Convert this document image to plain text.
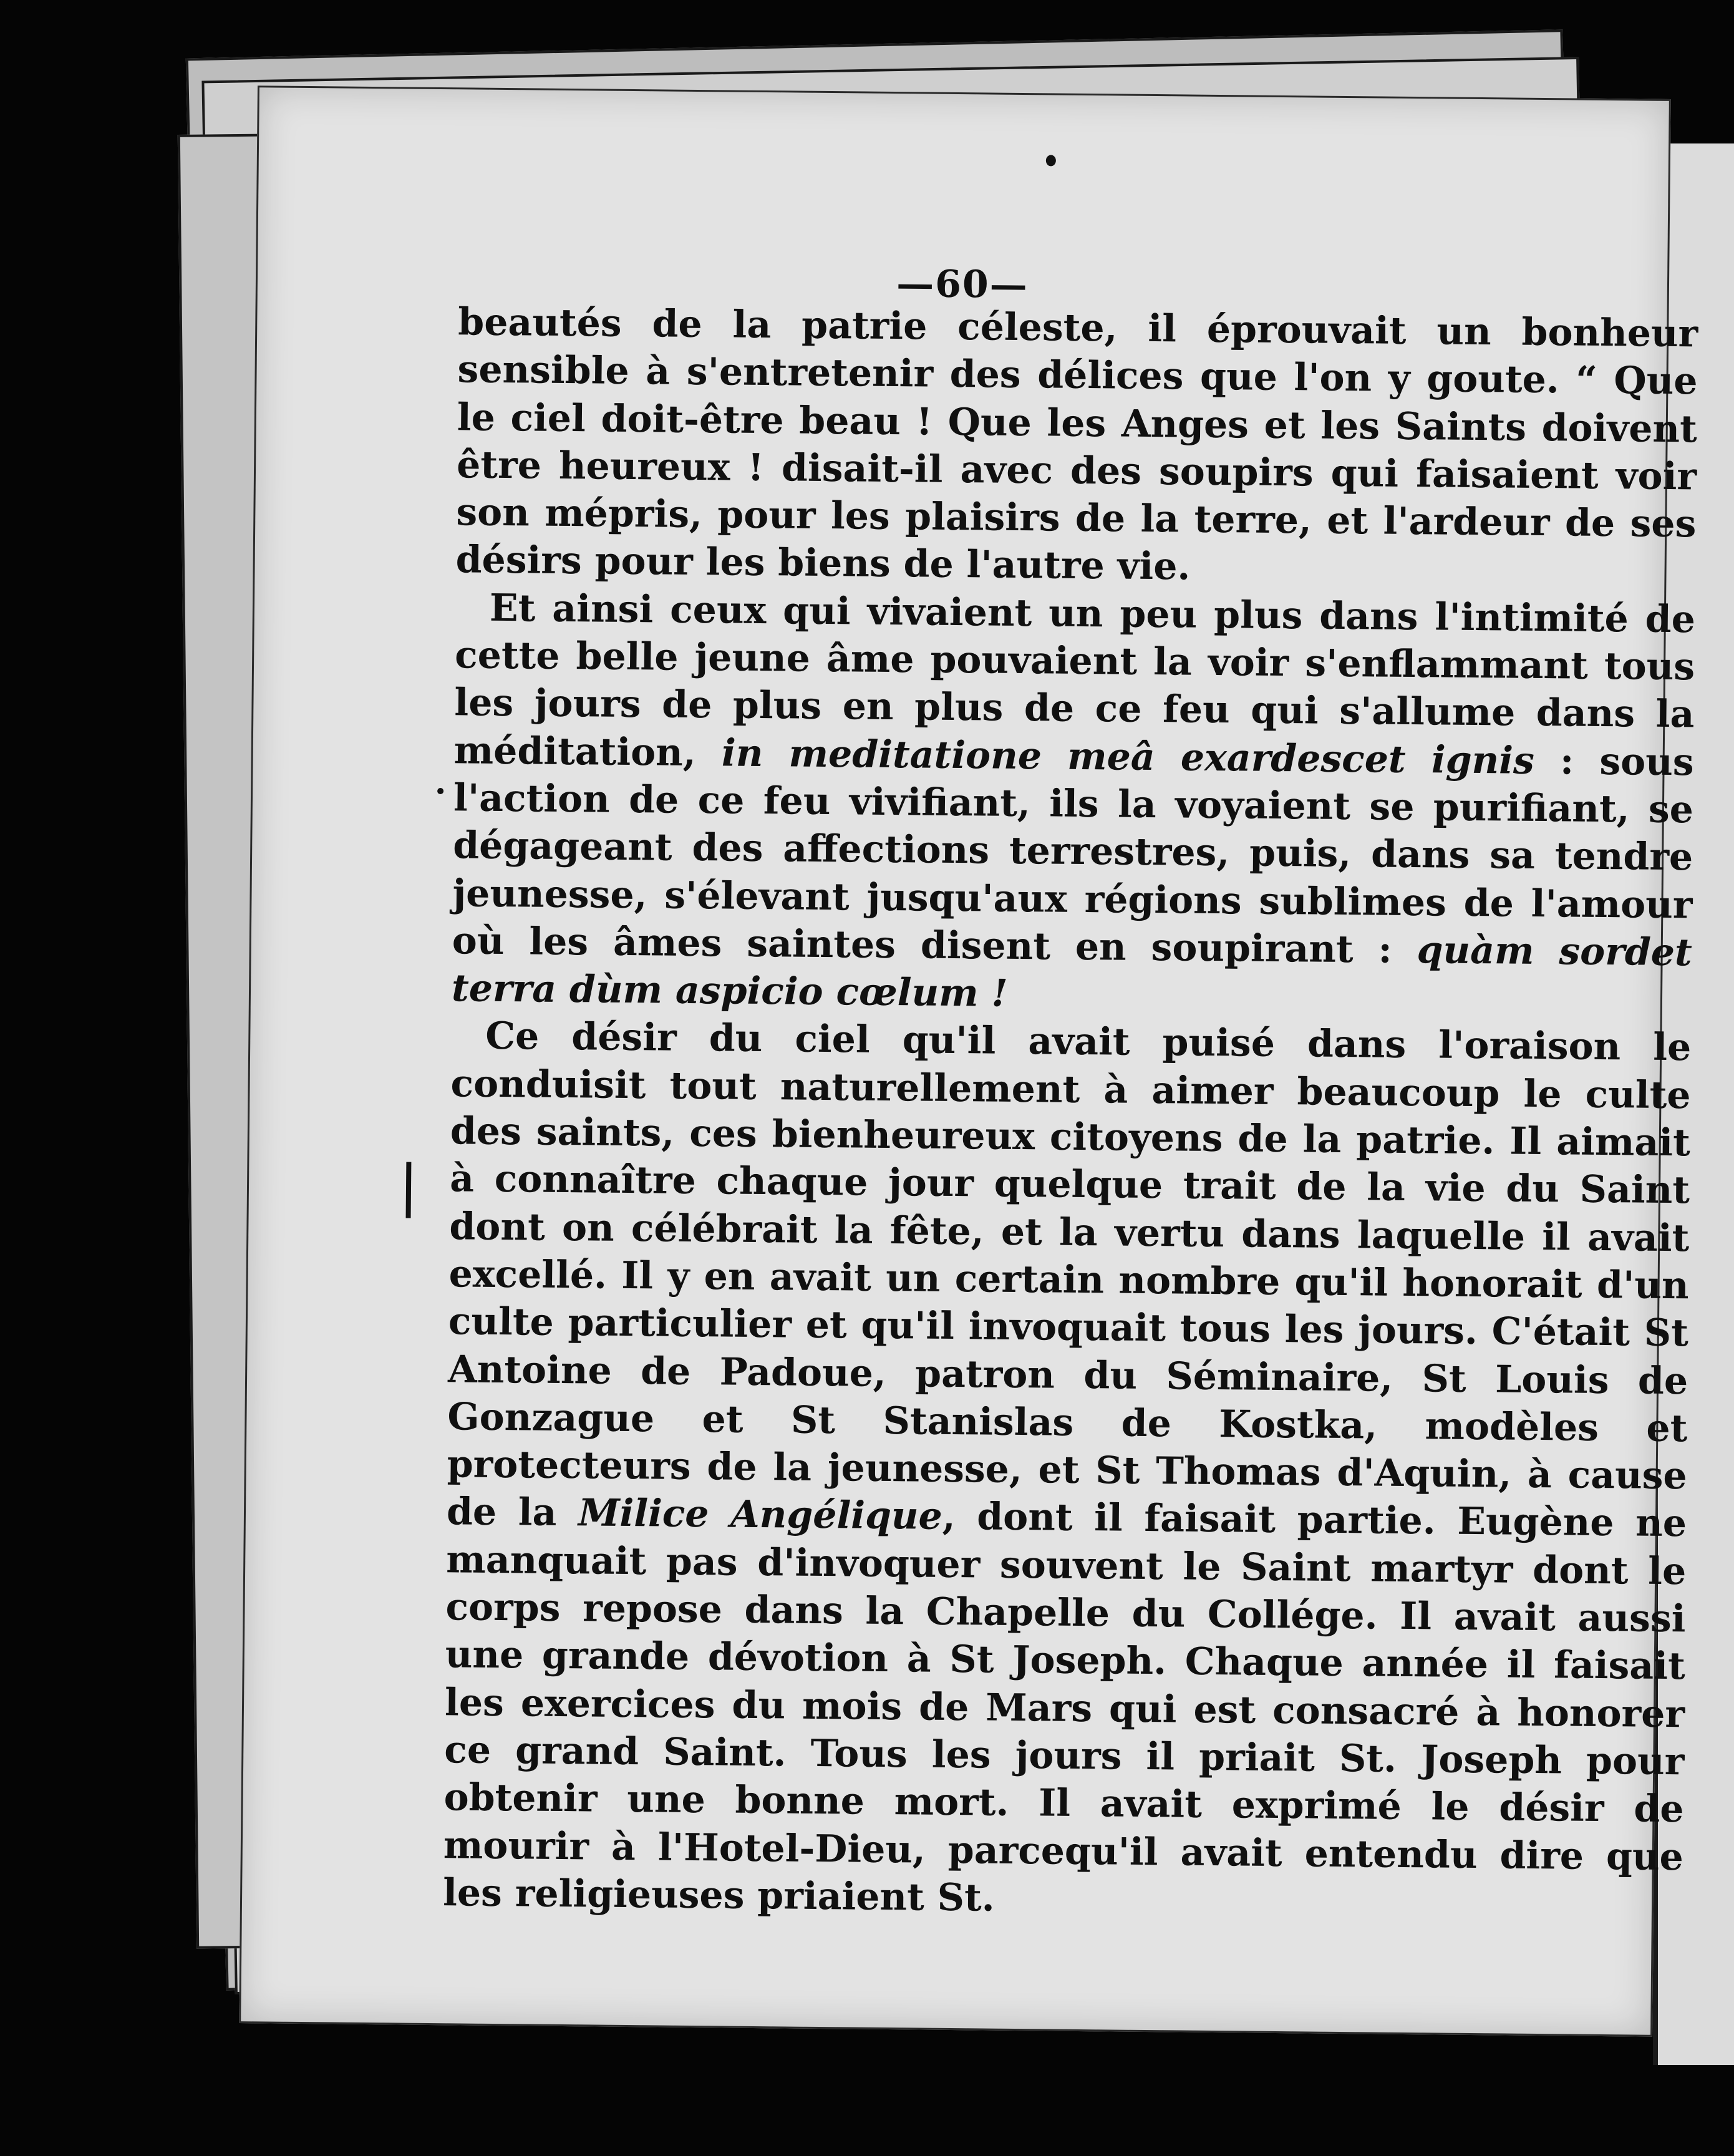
—60—

beautés de la patrie céleste, il éprouvait un bonheur sensible à s'entretenir des délices que l'on y goute. “ Que le ciel doit-être beau ! Que les Anges et les Saints doivent être heureux ! disait-il avec des soupirs qui faisaient voir son mépris, pour les plaisirs de la terre, et l'ardeur de ses désirs pour les biens de l'autre vie.

Et ainsi ceux qui vivaient un peu plus dans l'intimité de cette belle jeune âme pouvaient la voir s'enflammant tous les jours de plus en plus de ce feu qui s'allume dans la méditation, in meditatione meâ exardescet ignis : sous l'action de ce feu vivifiant, ils la voyaient se purifiant, se dégageant des affections terrestres, puis, dans sa tendre jeunesse, s'élevant jusqu'aux régions sublimes de l'amour où les âmes saintes disent en soupirant : quàm sordet terra dùm aspicio cœlum !

Ce désir du ciel qu'il avait puisé dans l'oraison le conduisit tout naturellement à aimer beaucoup le culte des saints, ces bienheureux citoyens de la patrie. Il aimait à connaître chaque jour quelque trait de la vie du Saint dont on célébrait la fête, et la vertu dans laquelle il avait excellé. Il y en avait un certain nombre qu'il honorait d'un culte particulier et qu'il invoquait tous les jours. C'était St Antoine de Padoue, patron du Séminaire, St Louis de Gonzague et St Stanislas de Kostka, modèles et protecteurs de la jeunesse, et St Thomas d'Aquin, à cause de la Milice Angélique, dont il faisait partie. Eugène ne manquait pas d'invoquer souvent le Saint martyr dont le corps repose dans la Chapelle du Collége. Il avait aussi une grande dévotion à St Joseph. Chaque année il faisait les exercices du mois de Mars qui est consacré à honorer ce grand Saint. Tous les jours il priait St. Joseph pour obtenir une bonne mort. Il avait exprimé le désir de mourir à l'Hotel-Dieu, parcequ'il avait entendu dire que les religieuses priaient St.
